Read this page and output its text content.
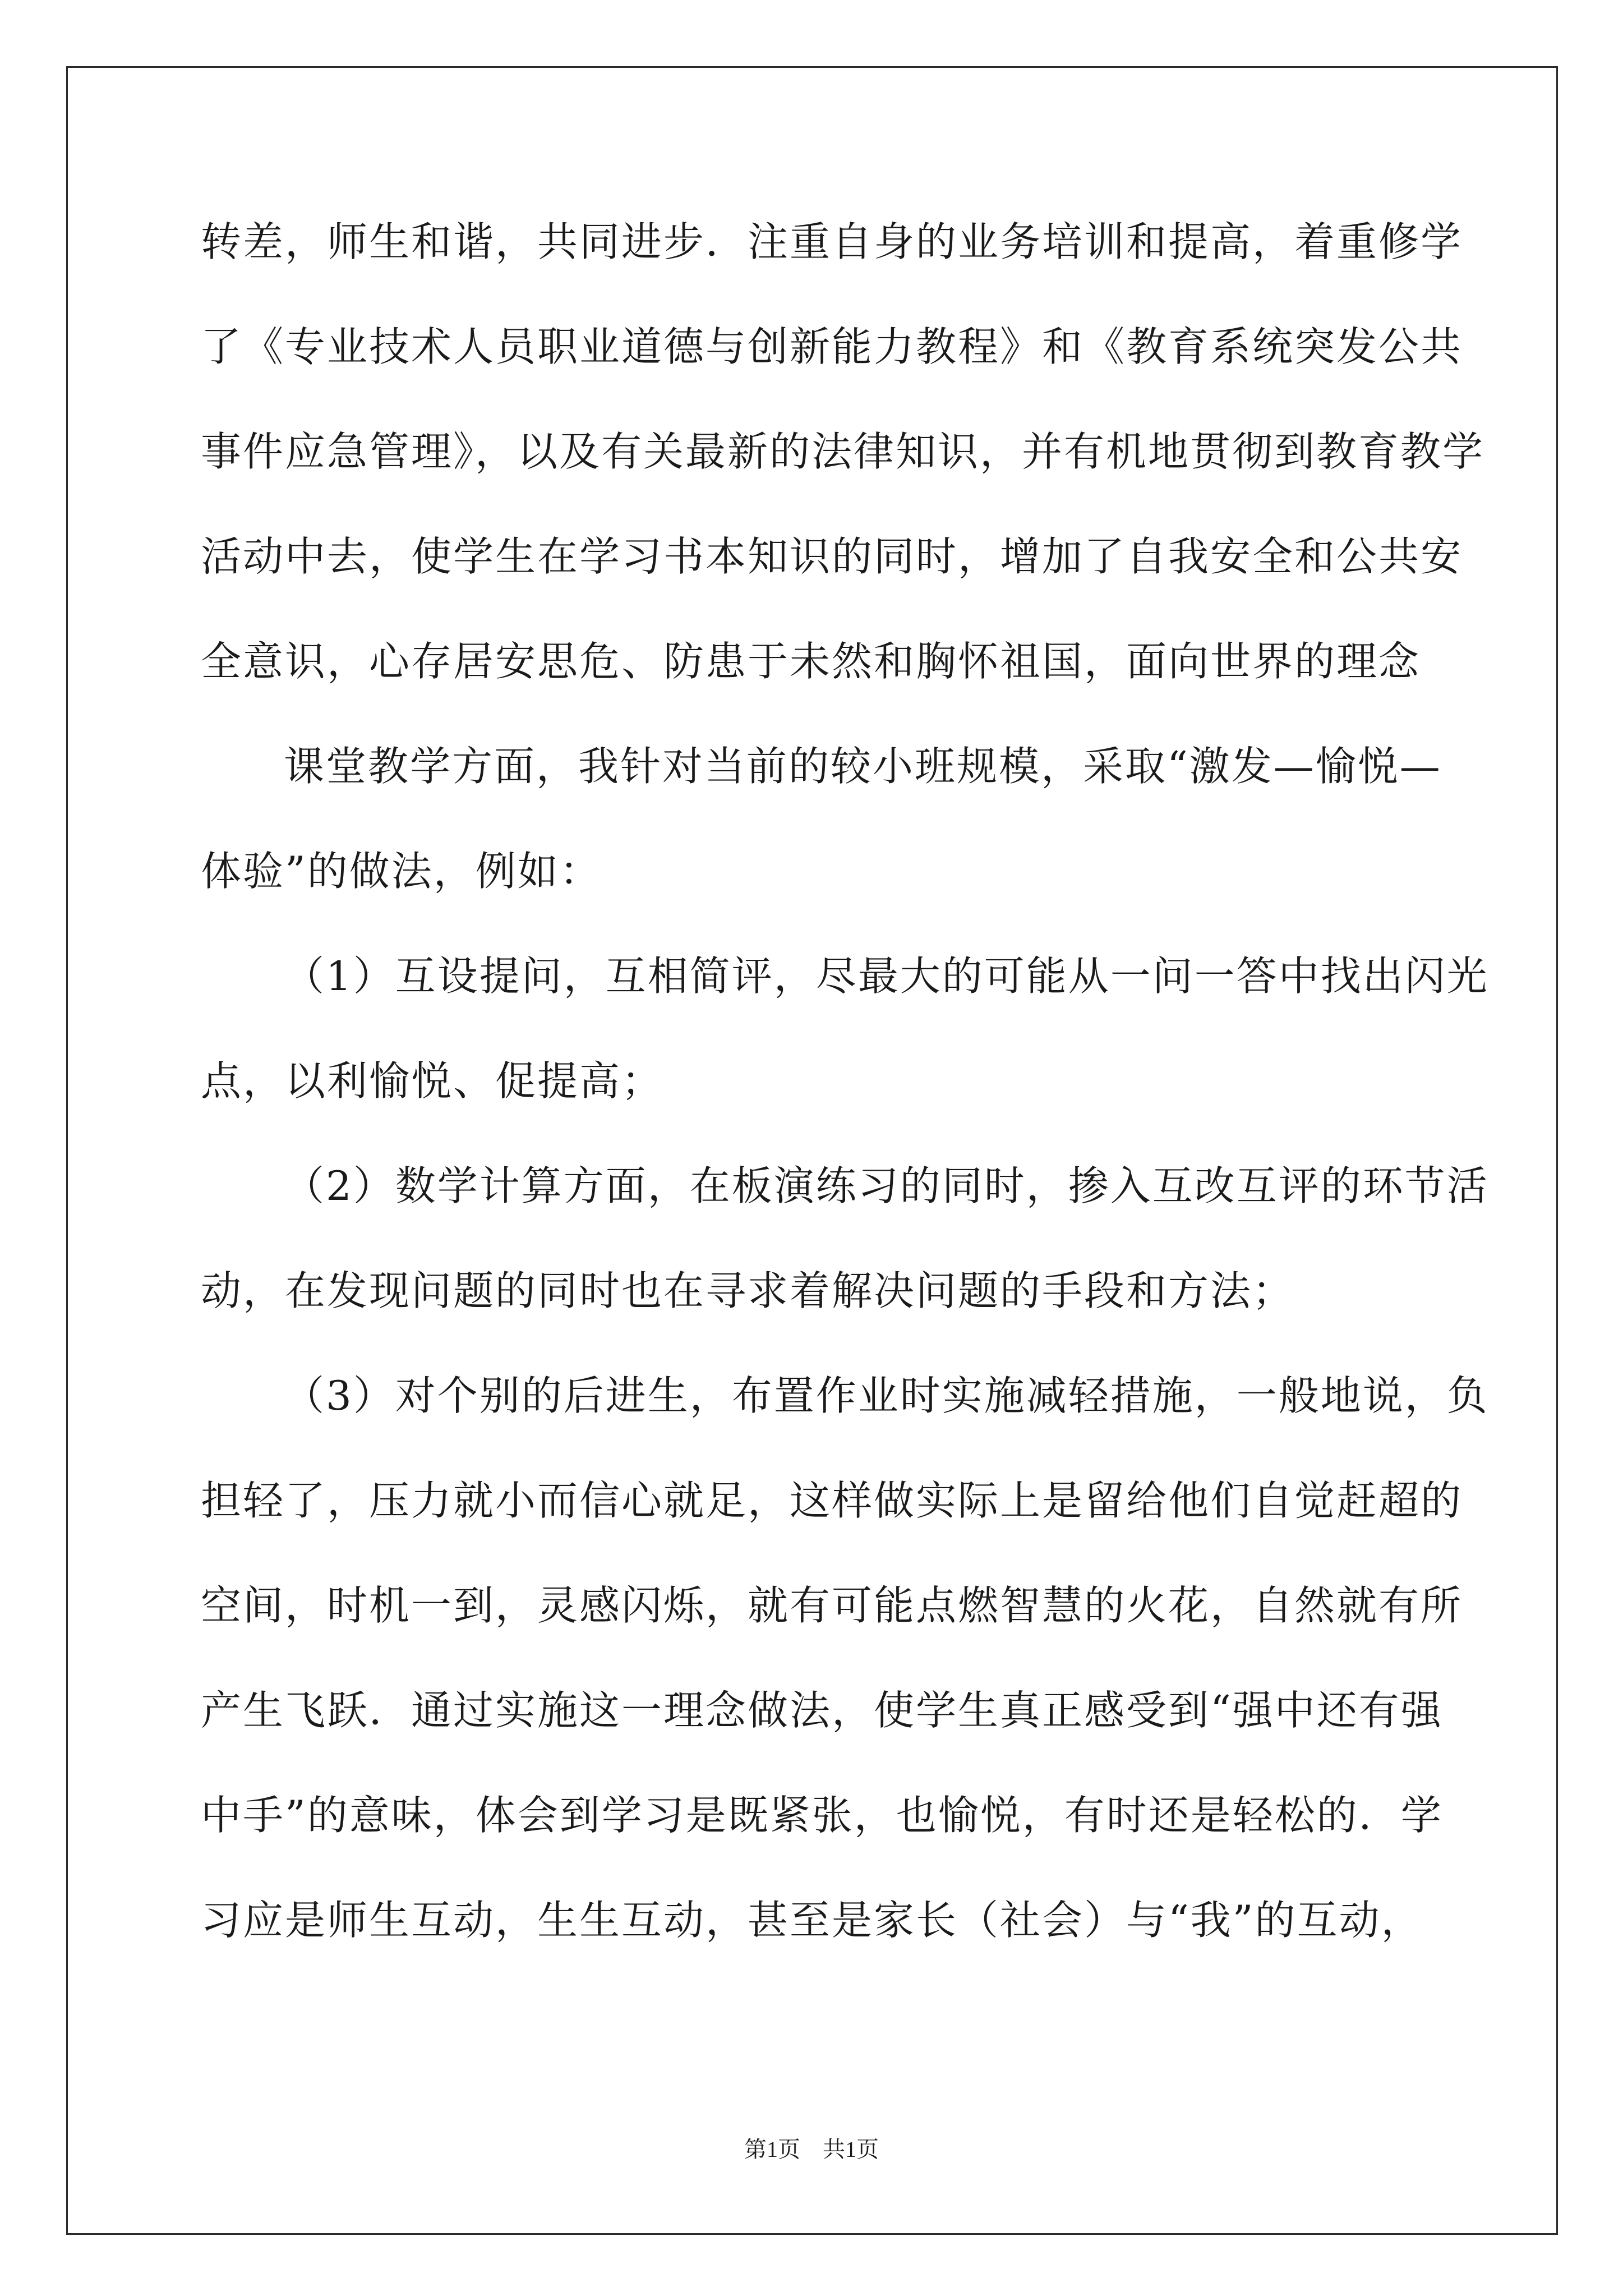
转差，师生和谐，共同进步．注重自身的业务培训和提高，着重修学
了《专业技术人员职业道德与创新能力教程》和《教育系统突发公共
事件应急管理》，以及有关最新的法律知识，并有机地贯彻到教育教学
活动中去，使学生在学习书本知识的同时，增加了自我安全和公共安
全意识，心存居安思危、防患于未然和胸怀祖国，面向世界的理念
课堂教学方面，我针对当前的较小班规模，采取“激发—愉悦—
体验”的做法，例如：
（1）互设提问，互相简评，尽最大的可能从一问一答中找出闪光
点，以利愉悦、促提高；
（2）数学计算方面，在板演练习的同时，掺入互改互评的环节活
动，在发现问题的同时也在寻求着解决问题的手段和方法；
（3）对个别的后进生，布置作业时实施减轻措施，一般地说，负
担轻了，压力就小而信心就足，这样做实际上是留给他们自觉赶超的
空间，时机一到，灵感闪烁，就有可能点燃智慧的火花，自然就有所
产生飞跃．通过实施这一理念做法，使学生真正感受到“强中还有强
中手”的意味，体会到学习是既紧张，也愉悦，有时还是轻松的．学
习应是师生互动，生生互动，甚至是家长（社会）与“我”的互动，
第1页 共1页
